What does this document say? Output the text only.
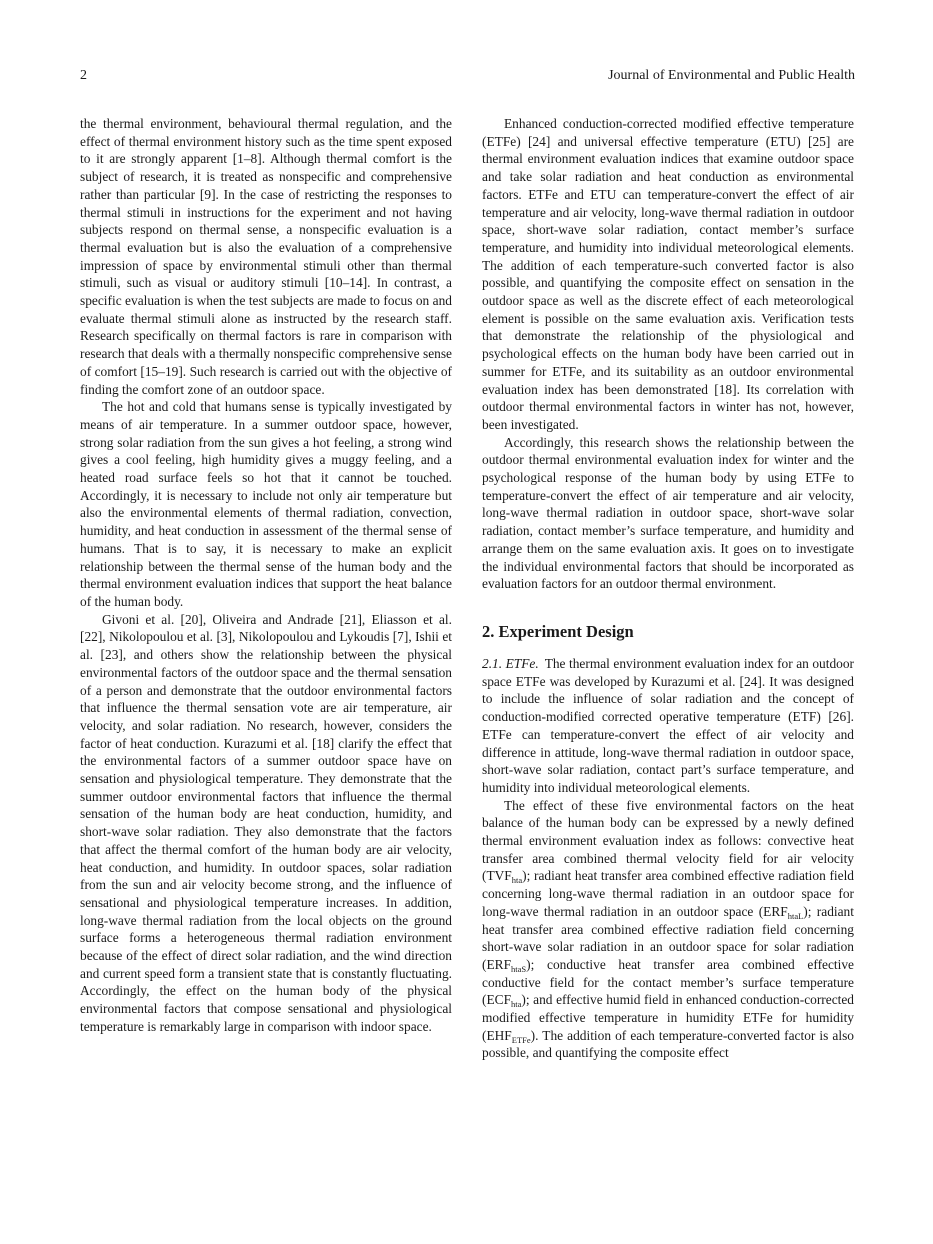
2	Journal of Environmental and Public Health

the thermal environment, behavioural thermal regulation, and the effect of thermal environment history such as the time spent exposed to it are strongly apparent [1–8]. Although thermal comfort is the subject of research, it is treated as nonspecific and comprehensive rather than particular [9]. In the case of restricting the responses to thermal stimuli in instructions for the experiment and not having subjects respond on thermal sense, a nonspecific evaluation is a thermal evaluation but is also the evaluation of a comprehensive impression of space by environmental stimuli other than thermal stimuli, such as visual or auditory stimuli [10–14]. In contrast, a specific evaluation is when the test subjects are made to focus on and evaluate thermal stimuli alone as instructed by the research staff. Research specifically on thermal factors is rare in comparison with research that deals with a thermally nonspecific comprehensive sense of comfort [15–19]. Such research is carried out with the objective of finding the comfort zone of an outdoor space.

The hot and cold that humans sense is typically investigated by means of air temperature. In a summer outdoor space, however, strong solar radiation from the sun gives a hot feeling, a strong wind gives a cool feeling, high humidity gives a muggy feeling, and a heated road surface feels so hot that it cannot be touched. Accordingly, it is necessary to include not only air temperature but also the environmental elements of thermal radiation, convection, humidity, and heat conduction in assessment of the thermal sense of humans. That is to say, it is necessary to make an explicit relationship between the thermal sense of the human body and the thermal environment evaluation indices that support the heat balance of the human body.

Givoni et al. [20], Oliveira and Andrade [21], Eliasson et al. [22], Nikolopoulou et al. [3], Nikolopoulou and Lykoudis [7], Ishii et al. [23], and others show the relationship between the physical environmental factors of the outdoor space and the thermal sensation of a person and demonstrate that the outdoor environmental factors that influence the thermal sensation vote are air temperature, air velocity, and solar radiation. No research, however, considers the factor of heat conduction. Kurazumi et al. [18] clarify the effect that the environmental factors of a summer outdoor space have on sensation and physiological temperature. They demonstrate that the summer outdoor environmental factors that influence the thermal sensation of the human body are heat conduction, humidity, and short-wave solar radiation. They also demonstrate that the factors that affect the thermal comfort of the human body are air velocity, heat conduction, and humidity. In outdoor spaces, solar radiation from the sun and air velocity become strong, and the influence of sensational and physiological temperature increases. In addition, long-wave thermal radiation from the local objects on the ground surface forms a heterogeneous thermal radiation environment because of the effect of direct solar radiation, and the wind direction and current speed form a transient state that is constantly fluctuating. Accordingly, the effect on the human body of the physical environmental factors that compose sensational and physiological temperature is remarkably large in comparison with indoor space.

Enhanced conduction-corrected modified effective temperature (ETFe) [24] and universal effective temperature (ETU) [25] are thermal environment evaluation indices that examine outdoor space and take solar radiation and heat conduction as environmental factors. ETFe and ETU can temperature-convert the effect of air temperature and air velocity, long-wave thermal radiation in outdoor space, short-wave solar radiation, contact member’s surface temperature, and humidity into individual meteorological elements. The addition of each temperature-such converted factor is also possible, and quantifying the composite effect on sensation in the outdoor space as well as the discrete effect of each meteorological element is possible on the same evaluation axis. Verification tests that demonstrate the relationship of the physiological and psychological effects on the human body have been carried out in summer for ETFe, and its suitability as an outdoor environmental evaluation index has been demonstrated [18]. Its correlation with outdoor thermal environmental factors in winter has not, however, been investigated.

Accordingly, this research shows the relationship between the outdoor thermal environmental evaluation index for winter and the psychological response of the human body by using ETFe to temperature-convert the effect of air temperature and air velocity, long-wave thermal radiation in outdoor space, short-wave solar radiation, contact member’s surface temperature, and humidity and arrange them on the same evaluation axis. It goes on to investigate the individual environmental factors that should be incorporated as evaluation factors for an outdoor thermal environment.

2. Experiment Design

2.1. ETFe. The thermal environment evaluation index for an outdoor space ETFe was developed by Kurazumi et al. [24]. It was designed to include the influence of solar radiation and the concept of conduction-modified corrected operative temperature (ETF) [26]. ETFe can temperature-convert the effect of air velocity and difference in attitude, long-wave thermal radiation in outdoor space, short-wave solar radiation, contact part’s surface temperature, and humidity into individual meteorological elements.

The effect of these five environmental factors on the heat balance of the human body can be expressed by a newly defined thermal environment evaluation index as follows: convective heat transfer area combined thermal velocity field for air velocity $(TVF_{hta})$; radiant heat transfer area combined effective radiation field concerning long-wave thermal radiation in an outdoor space for long-wave thermal radiation in an outdoor space $(ERF_{htaL})$; radiant heat transfer area combined effective radiation field concerning short-wave solar radiation in an outdoor space for solar radiation $(ERF_{htaS})$; conductive heat transfer area combined effective conductive field for the contact member’s surface temperature $(ECF_{hta})$; and effective humid field in enhanced conduction-corrected modified effective temperature in humidity ETFe for humidity $(EHF_{ETFe})$. The addition of each temperature-converted factor is also possible, and quantifying the composite effect
